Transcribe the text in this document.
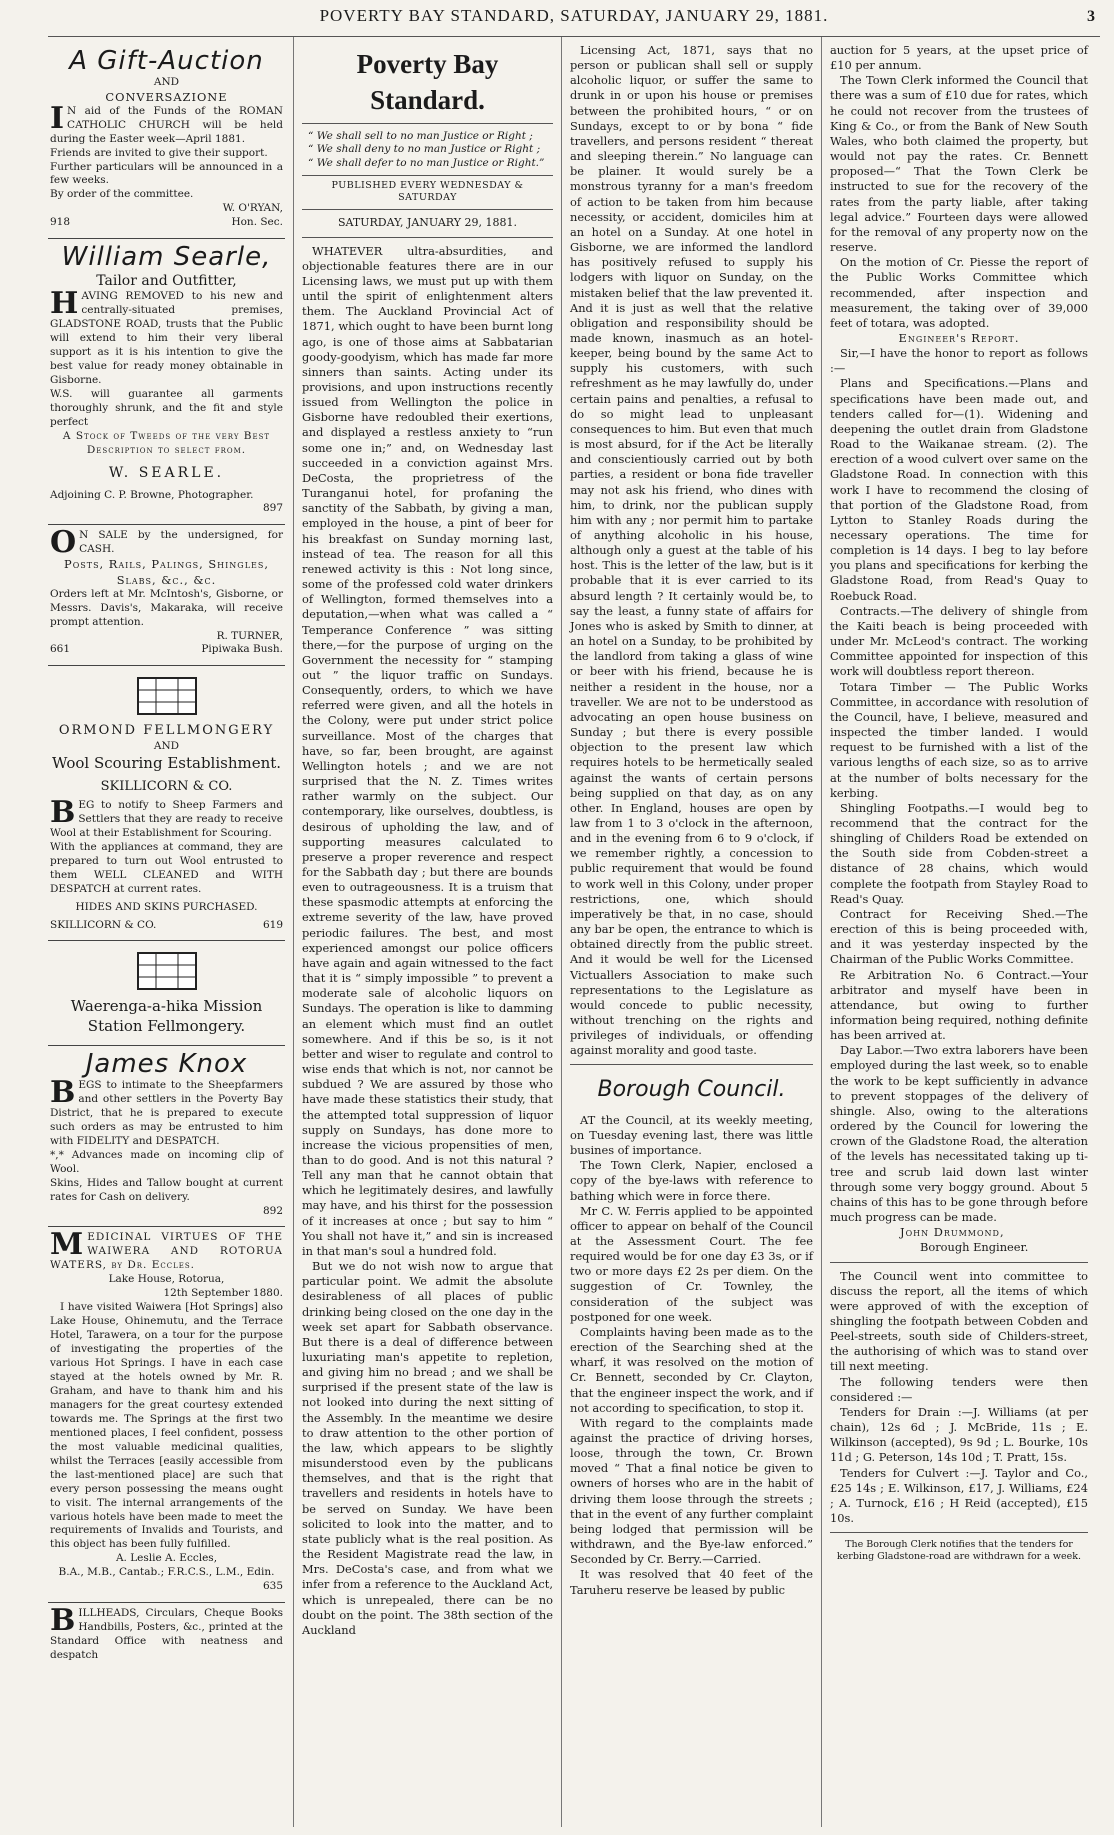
POVERTY BAY STANDARD, SATURDAY, JANUARY 29, 1881.	3
A Gift-Auction
AND
CONVERSAZIONE
IN aid of the Funds of the ROMAN CATHOLIC CHURCH will be held during the Easter week—April 1881.
Friends are invited to give their support.
Further particulars will be announced in a few weeks.
By order of the committee.
W. O'RYAN,
918	Hon. Sec.
William Searle,
Tailor and Outfitter,
HAVING REMOVED to his new and centrally-situated premises, GLADSTONE ROAD, trusts that the Public will extend to him their very liberal support as it is his intention to give the best value for ready money obtainable in Gisborne.
W.S. will guarantee all garments thoroughly shrunk, and the fit and style perfect
A Stock of Tweeds of the very Best Description to select from.
W. SEARLE.
Adjoining C. P. Browne, Photographer.
897
ON SALE by the undersigned, for CASH.
Posts, Rails, Palings, Shingles, Slabs, &c., &c.
Orders left at Mr. McIntosh's, Gisborne, or Messrs. Davis's, Makaraka, will receive prompt attention.
R. TURNER,
661	Pipiwaka Bush.
ORMOND FELLMONGERY
AND
Wool Scouring Establishment.
SKILLICORN & CO.
BEG to notify to Sheep Farmers and Settlers that they are ready to receive Wool at their Establishment for Scouring.
With the appliances at command, they are prepared to turn out Wool entrusted to them WELL CLEANED and WITH DESPATCH at current rates.
HIDES AND SKINS PURCHASED.
SKILLICORN & CO.	619
Waerenga-a-hika Mission Station Fellmongery.
James Knox
BEGS to intimate to the Sheepfarmers and other settlers in the Poverty Bay District, that he is prepared to execute such orders as may be entrusted to him with FIDELITY and DESPATCH.
*,* Advances made on incoming clip of Wool.
Skins, Hides and Tallow bought at current rates for Cash on delivery.
892
MEDICINAL VIRTUES OF THE WAIWERA AND ROTORUA WATERS, by Dr. Eccles.
Lake House, Rotorua,
12th September 1880.

I have visited Waiwera [Hot Springs] also Lake House, Ohinemutu, and the Terrace Hotel, Tarawera, on a tour for the purpose of investigating the properties of the various Hot Springs. I have in each case stayed at the hotels owned by Mr. R. Graham, and have to thank him and his managers for the great courtesy extended towards me. The Springs at the first two mentioned places, I feel confident, possess the most valuable medicinal qualities, whilst the Terraces [easily accessible from the last-mentioned place] are such that every person possessing the means ought to visit. The internal arrangements of the various hotels have been made to meet the requirements of Invalids and Tourists, and this object has been fully fulfilled.

A. Leslie A. Eccles,
B.A., M.B., Cantab.; F.R.C.S., L.M., Edin.
635
BILLHEADS, Circulars, Cheque Books Handbills, Posters, &c., printed at the Standard Office with neatness and despatch
Poverty Bay Standard.
“ We shall sell to no man Justice or Right ;
“ We shall deny to no man Justice or Right ;
“ We shall defer to no man Justice or Right.”
PUBLISHED EVERY WEDNESDAY & SATURDAY
SATURDAY, JANUARY 29, 1881.

WHATEVER ultra-absurdities, and objectionable features there are in our Licensing laws, we must put up with them until the spirit of enlightenment alters them. The Auckland Provincial Act of 1871, which ought to have been burnt long ago, is one of those aims at Sabbatarian goody-goodyism, which has made far more sinners than saints. Acting under its provisions, and upon instructions recently issued from Wellington the police in Gisborne have redoubled their exertions, and displayed a restless anxiety to “run some one in;” and, on Wednesday last succeeded in a conviction against Mrs. DeCosta, the proprietress of the Turanganui hotel, for profaning the sanctity of the Sabbath, by giving a man, employed in the house, a pint of beer for his breakfast on Sunday morning last, instead of tea. The reason for all this renewed activity is this : Not long since, some of the professed cold water drinkers of Wellington, formed themselves into a deputation,—when what was called a “ Temperance Conference ” was sitting there,—for the purpose of urging on the Government the necessity for “ stamping out ” the liquor traffic on Sundays. Consequently, orders, to which we have referred were given, and all the hotels in the Colony, were put under strict police surveillance. Most of the charges that have, so far, been brought, are against Wellington hotels ; and we are not surprised that the N. Z. Times writes rather warmly on the subject. Our contemporary, like ourselves, doubtless, is desirous of upholding the law, and of supporting measures calculated to preserve a proper reverence and respect for the Sabbath day ; but there are bounds even to outrageousness. It is a truism that these spasmodic attempts at enforcing the extreme severity of the law, have proved periodic failures. The best, and most experienced amongst our police officers have again and again witnessed to the fact that it is “ simply impossible ” to prevent a moderate sale of alcoholic liquors on Sundays. The operation is like to damming an element which must find an outlet somewhere. And if this be so, is it not better and wiser to regulate and control to wise ends that which is not, nor cannot be subdued ? We are assured by those who have made these statistics their study, that the attempted total suppression of liquor supply on Sundays, has done more to increase the vicious propensities of men, than to do good. And is not this natural ? Tell any man that he cannot obtain that which he legitimately desires, and lawfully may have, and his thirst for the possession of it increases at once ; but say to him “ You shall not have it,” and sin is increased in that man's soul a hundred fold.

But we do not wish now to argue that particular point. We admit the absolute desirableness of all places of public drinking being closed on the one day in the week set apart for Sabbath observance. But there is a deal of difference between luxuriating man's appetite to repletion, and giving him no bread ; and we shall be surprised if the present state of the law is not looked into during the next sitting of the Assembly. In the meantime we desire to draw attention to the other portion of the law, which appears to be slightly misunderstood even by the publicans themselves, and that is the right that travellers and residents in hotels have to be served on Sunday. We have been solicited to look into the matter, and to state publicly what is the real position. As the Resident Magistrate read the law, in Mrs. DeCosta's case, and from what we infer from a reference to the Auckland Act, which is unrepealed, there can be no doubt on the point. The 38th section of the Auckland

Licensing Act, 1871, says that no person or publican shall sell or supply alcoholic liquor, or suffer the same to drunk in or upon his house or premises between the prohibited hours, “ or on Sundays, except to or by bona “ fide travellers, and persons resident “ thereat and sleeping therein.” No language can be plainer. It would surely be a monstrous tyranny for a man's freedom of action to be taken from him because necessity, or accident, domiciles him at an hotel on a Sunday. At one hotel in Gisborne, we are informed the landlord has positively refused to supply his lodgers with liquor on Sunday, on the mistaken belief that the law prevented it. And it is just as well that the relative obligation and responsibility should be made known, inasmuch as an hotel-keeper, being bound by the same Act to supply his customers, with such refreshment as he may lawfully do, under certain pains and penalties, a refusal to do so might lead to unpleasant consequences to him. But even that much is most absurd, for if the Act be literally and conscientiously carried out by both parties, a resident or bona fide traveller may not ask his friend, who dines with him, to drink, nor the publican supply him with any ; nor permit him to partake of anything alcoholic in his house, although only a guest at the table of his host. This is the letter of the law, but is it probable that it is ever carried to its absurd length ? It certainly would be, to say the least, a funny state of affairs for Jones who is asked by Smith to dinner, at an hotel on a Sunday, to be prohibited by the landlord from taking a glass of wine or beer with his friend, because he is neither a resident in the house, nor a traveller. We are not to be understood as advocating an open house business on Sunday ; but there is every possible objection to the present law which requires hotels to be hermetically sealed against the wants of certain persons being supplied on that day, as on any other. In England, houses are open by law from 1 to 3 o'clock in the afternoon, and in the evening from 6 to 9 o'clock, if we remember rightly, a concession to public requirement that would be found to work well in this Colony, under proper restrictions, one, which should imperatively be that, in no case, should any bar be open, the entrance to which is obtained directly from the public street. And it would be well for the Licensed Victuallers Association to make such representations to the Legislature as would concede to public necessity, without trenching on the rights and privileges of individuals, or offending against morality and good taste.

Borough Council.

AT the Council, at its weekly meeting, on Tuesday evening last, there was little busines of importance.

The Town Clerk, Napier, enclosed a copy of the bye-laws with reference to bathing which were in force there.

Mr C. W. Ferris applied to be appointed officer to appear on behalf of the Council at the Assessment Court. The fee required would be for one day £3 3s, or if two or more days £2 2s per diem. On the suggestion of Cr. Townley, the consideration of the subject was postponed for one week.

Complaints having been made as to the erection of the Searching shed at the wharf, it was resolved on the motion of Cr. Bennett, seconded by Cr. Clayton, that the engineer inspect the work, and if not according to specification, to stop it.

With regard to the complaints made against the practice of driving horses, loose, through the town, Cr. Brown moved “ That a final notice be given to owners of horses who are in the habit of driving them loose through the streets ; that in the event of any further complaint being lodged that permission will be withdrawn, and the Bye-law enforced.” Seconded by Cr. Berry.—Carried.

It was resolved that 40 feet of the Taruheru reserve be leased by public

auction for 5 years, at the upset price of £10 per annum.

The Town Clerk informed the Council that there was a sum of £10 due for rates, which he could not recover from the trustees of King & Co., or from the Bank of New South Wales, who both claimed the property, but would not pay the rates. Cr. Bennett proposed—“ That the Town Clerk be instructed to sue for the recovery of the rates from the party liable, after taking legal advice.” Fourteen days were allowed for the removal of any property now on the reserve.

On the motion of Cr. Piesse the report of the Public Works Committee which recommended, after inspection and measurement, the taking over of 39,000 feet of totara, was adopted.

Engineer's Report.

Sir,—I have the honor to report as follows :—

Plans and Specifications.—Plans and specifications have been made out, and tenders called for—(1). Widening and deepening the outlet drain from Gladstone Road to the Waikanae stream. (2). The erection of a wood culvert over same on the Gladstone Road. In connection with this work I have to recommend the closing of that portion of the Gladstone Road, from Lytton to Stanley Roads during the necessary operations. The time for completion is 14 days. I beg to lay before you plans and specifications for kerbing the Gladstone Road, from Read's Quay to Roebuck Road.

Contracts.—The delivery of shingle from the Kaiti beach is being proceeded with under Mr. McLeod's contract. The working Committee appointed for inspection of this work will doubtless report thereon.

Totara Timber — The Public Works Committee, in accordance with resolution of the Council, have, I believe, measured and inspected the timber landed. I would request to be furnished with a list of the various lengths of each size, so as to arrive at the number of bolts necessary for the kerbing.

Shingling Footpaths.—I would beg to recommend that the contract for the shingling of Childers Road be extended on the South side from Cobden-street a distance of 28 chains, which would complete the footpath from Stayley Road to Read's Quay.

Contract for Receiving Shed.—The erection of this is being proceeded with, and it was yesterday inspected by the Chairman of the Public Works Committee.

Re Arbitration No. 6 Contract.—Your arbitrator and myself have been in attendance, but owing to further information being required, nothing definite has been arrived at.

Day Labor.—Two extra laborers have been employed during the last week, so to enable the work to be kept sufficiently in advance to prevent stoppages of the delivery of shingle. Also, owing to the alterations ordered by the Council for lowering the crown of the Gladstone Road, the alteration of the levels has necessitated taking up ti-tree and scrub laid down last winter through some very boggy ground. About 5 chains of this has to be gone through before much progress can be made.

John Drummond,
Borough Engineer.

The Council went into committee to discuss the report, all the items of which were approved of with the exception of shingling the footpath between Cobden and Peel-streets, south side of Childers-street, the authorising of which was to stand over till next meeting.

The following tenders were then considered :—

Tenders for Drain :—J. Williams (at per chain), 12s 6d ; J. McBride, 11s ; E. Wilkinson (accepted), 9s 9d ; L. Bourke, 10s 11d ; G. Peterson, 14s 10d ; T. Pratt, 15s.

Tenders for Culvert :—J. Taylor and Co., £25 14s ; E. Wilkinson, £17, J. Williams, £24 ; A. Turnock, £16 ; H Reid (accepted), £15 10s.

The Borough Clerk notifies that the tenders for kerbing Gladstone-road are withdrawn for a week.
